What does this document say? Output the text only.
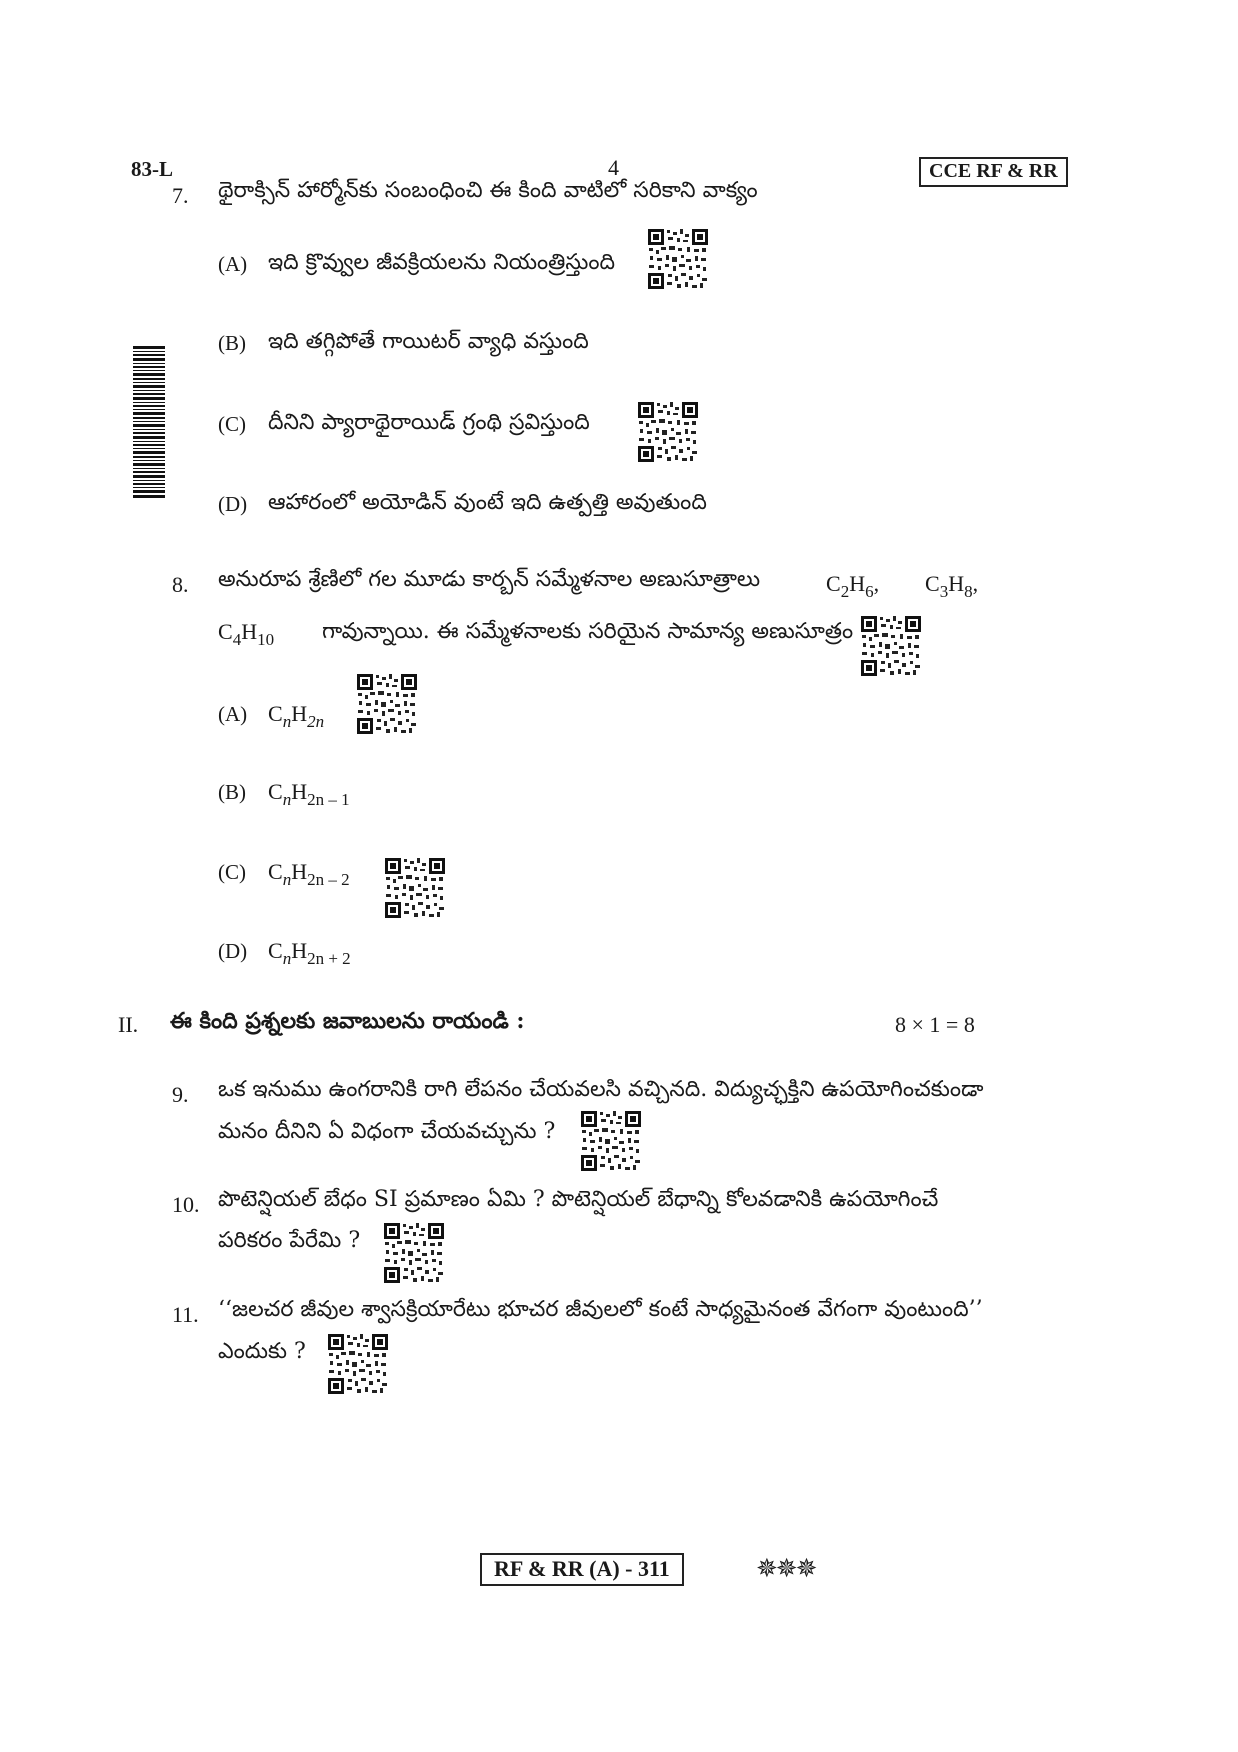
83-L	4	CCE RF & RR
7. థైరాక్సిన్ హార్మోన్‌కు సంబంధించి ఈ కింది వాటిలో సరికాని వాక్యం
(A) ఇది క్రొవ్వుల జీవక్రియలను నియంత్రిస్తుంది
(B) ఇది తగ్గిపోతే గాయిటర్ వ్యాధి వస్తుంది
(C) దీనిని ప్యారాథైరాయిడ్ గ్రంథి స్రవిస్తుంది
(D) ఆహారంలో అయోడిన్ వుంటే ఇది ఉత్పత్తి అవుతుంది
8. అనురూప శ్రేణిలో గల మూడు కార్బన్ సమ్మేళనాల అణుసూత్రాలు	$C_2H_6$, $C_3H_8$,
$C_4H_{10}$ గావున్నాయి. ఈ సమ్మేళనాలకు సరియైన సామాన్య అణుసూత్రం
(A) $C_nH_{2n}$
(B) $C_nH_{2n - 1}$
(C) $C_nH_{2n - 2}$
(D) $C_nH_{2n + 2}$
II. ఈ కింది ప్రశ్నలకు జవాబులను రాయండి :	8 × 1 = 8
9. ఒక ఇనుము ఉంగరానికి రాగి లేపనం చేయవలసి వచ్చినది. విద్యుచ్ఛక్తిని ఉపయోగించకుండా
మనం దీనిని ఏ విధంగా చేయవచ్చును ?
10. పొటెన్షియల్ బేధం SI ప్రమాణం ఏమి ? పొటెన్షియల్ బేధాన్ని కోలవడానికి ఉపయోగించే
పరికరం పేరేమి ?
11. ‘‘జలచర జీవుల శ్వాసక్రియారేటు భూచర జీవులలో కంటే సాధ్యమైనంత వేగంగా వుంటుంది’’
ఎందుకు ?
RF & RR (A) - 311	✵✵✵
